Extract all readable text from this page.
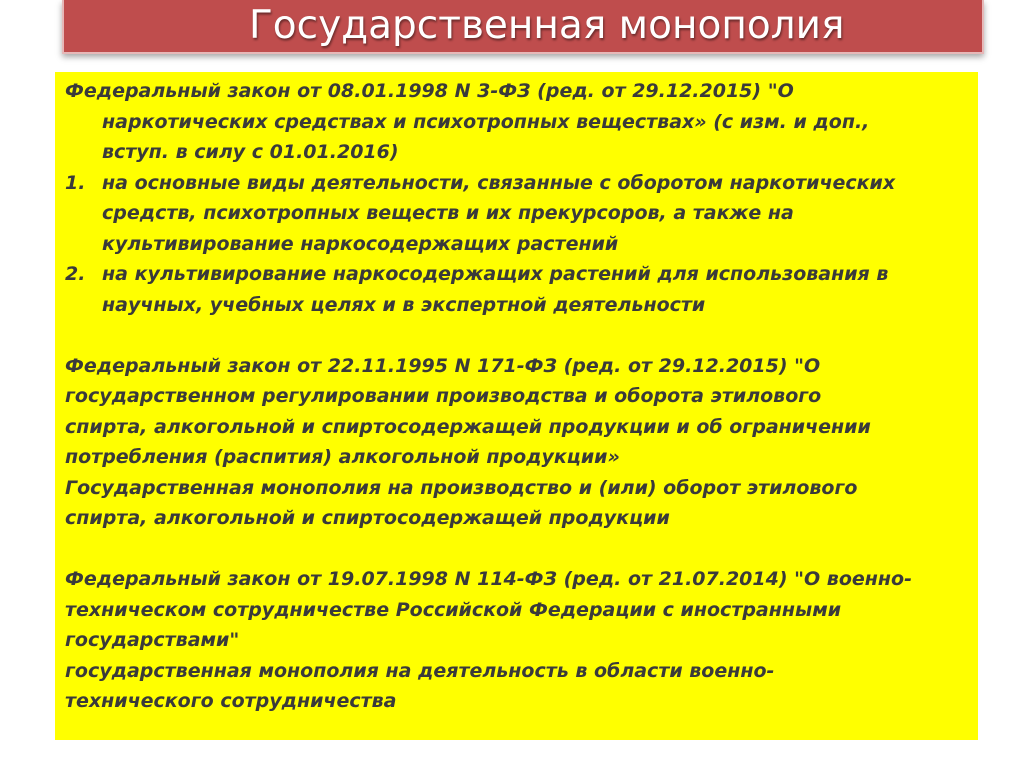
Государственная монополия
Федеральный закон от 08.01.1998 N 3-ФЗ (ред. от 29.12.2015) "О
наркотических средствах и психотропных веществах» (с изм. и доп.,
вступ. в силу с 01.01.2016)
1. на основные виды деятельности, связанные с оборотом наркотических
средств, психотропных веществ и их прекурсоров, а также на
культивирование наркосодержащих растений
2. на культивирование наркосодержащих растений для использования в
научных, учебных целях и в экспертной деятельности
Федеральный закон от 22.11.1995 N 171-ФЗ (ред. от 29.12.2015) "О
государственном регулировании производства и оборота этилового
спирта, алкогольной и спиртосодержащей продукции и об ограничении
потребления (распития) алкогольной продукции»
Государственная монополия на производство и (или) оборот этилового
спирта, алкогольной и спиртосодержащей продукции
Федеральный закон от 19.07.1998 N 114-ФЗ (ред. от 21.07.2014) "О военно-
техническом сотрудничестве Российской Федерации с иностранными
государствами"
государственная монополия на деятельность в области военно-
технического сотрудничества
